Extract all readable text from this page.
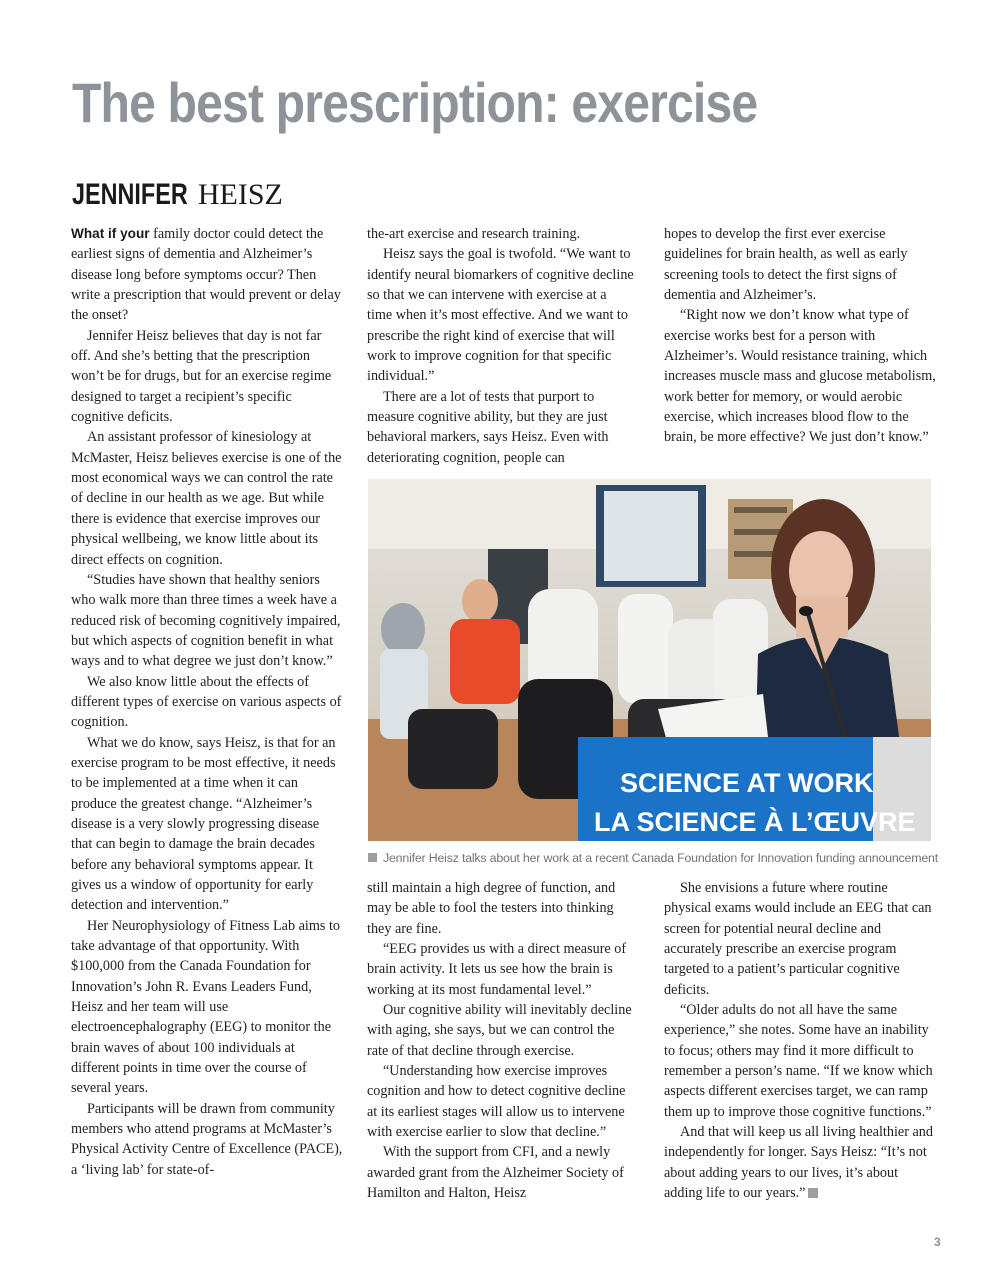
The best prescription: exercise
JENNIFER HEISZ

What if your family doctor could detect the earliest signs of dementia and Alzheimer’s disease long before symptoms occur? Then write a prescription that would prevent or delay the onset?

Jennifer Heisz believes that day is not far off. And she’s betting that the prescription won’t be for drugs, but for an exercise regime designed to target a recipient’s specific cognitive deficits.

An assistant professor of kinesiology at McMaster, Heisz believes exercise is one of the most economical ways we can control the rate of decline in our health as we age. But while there is evidence that exercise improves our physical wellbeing, we know little about its direct effects on cognition.

“Studies have shown that healthy seniors who walk more than three times a week have a reduced risk of becoming cognitively impaired, but which aspects of cognition benefit in what ways and to what degree we just don’t know.”

We also know little about the effects of different types of exercise on various aspects of cognition.

What we do know, says Heisz, is that for an exercise program to be most effective, it needs to be implemented at a time when it can produce the greatest change. “Alzheimer’s disease is a very slowly progressing disease that can begin to damage the brain decades before any behavioral symptoms appear. It gives us a window of opportunity for early detection and intervention.”

Her Neurophysiology of Fitness Lab aims to take advantage of that opportunity. With $100,000 from the Canada Foundation for Innovation’s John R. Evans Leaders Fund, Heisz and her team will use electroencephalography (EEG) to monitor the brain waves of about 100 individuals at different points in time over the course of several years.

Participants will be drawn from community members who attend programs at McMaster’s Physical Activity Centre of Excellence (PACE), a ‘living lab’ for state-of-

the-art exercise and research training.

Heisz says the goal is twofold. “We want to identify neural biomarkers of cognitive decline so that we can intervene with exercise at a time when it’s most effective. And we want to prescribe the right kind of exercise that will work to improve cognition for that specific individual.”

There are a lot of tests that purport to measure cognitive ability, but they are just behavioral markers, says Heisz. Even with deteriorating cognition, people can

hopes to develop the first ever exercise guidelines for brain health, as well as early screening tools to detect the first signs of dementia and Alzheimer’s.

“Right now we don’t know what type of exercise works best for a person with Alzheimer’s. Would resistance training, which increases muscle mass and glucose metabolism, work better for memory, or would aerobic exercise, which increases blood flow to the brain, be more effective? We just don’t know.”

SCIENCE AT WORK
LA SCIENCE À L’ŒUVRE
Jennifer Heisz talks about her work at a recent Canada Foundation for Innovation funding announcement

still maintain a high degree of function, and may be able to fool the testers into thinking they are fine.

“EEG provides us with a direct measure of brain activity. It lets us see how the brain is working at its most fundamental level.”

Our cognitive ability will inevitably decline with aging, she says, but we can control the rate of that decline through exercise.

“Understanding how exercise improves cognition and how to detect cognitive decline at its earliest stages will allow us to intervene with exercise earlier to slow that decline.”

With the support from CFI, and a newly awarded grant from the Alzheimer Society of Hamilton and Halton, Heisz

She envisions a future where routine physical exams would include an EEG that can screen for potential neural decline and accurately prescribe an exercise program targeted to a patient’s particular cognitive deficits.

“Older adults do not all have the same experience,” she notes. Some have an inability to focus; others may find it more difficult to remember a person’s name. “If we know which aspects different exercises target, we can ramp them up to improve those cognitive functions.”

And that will keep us all living healthier and independently for longer. Says Heisz: “It’s not about adding years to our lives, it’s about adding life to our years.”

3
